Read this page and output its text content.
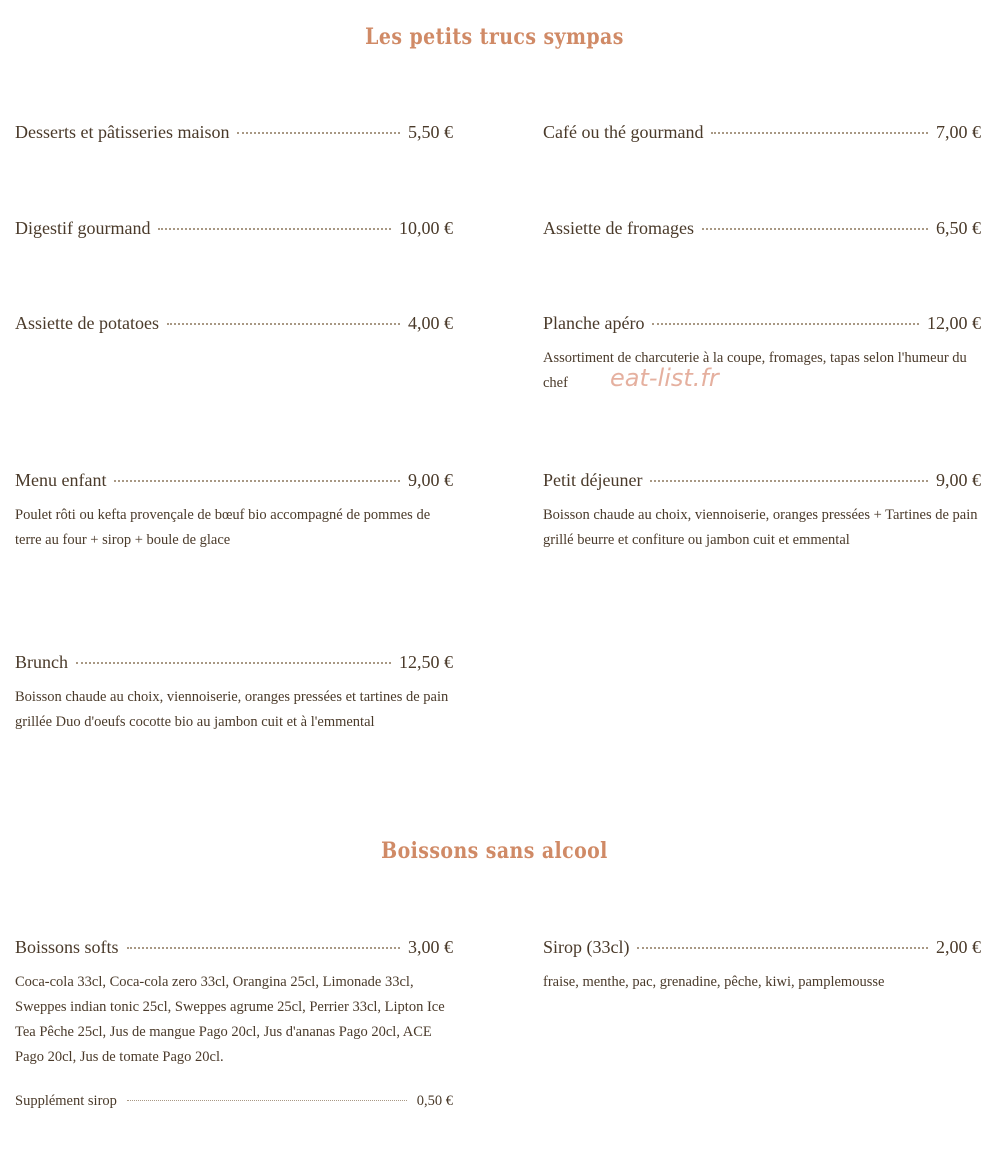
Les petits trucs sympas
Desserts et pâtisseries maison	5,50 €	Café ou thé gourmand	7,00 €
Digestif gourmand	10,00 €	Assiette de fromages	6,50 €
Assiette de potatoes	4,00 €	Planche apéro	12,00 €
Assortiment de charcuterie à la coupe, fromages, tapas selon l'humeur du chef	eat-list.fr
Menu enfant	9,00 €
Poulet rôti ou kefta provençale de bœuf bio accompagné de pommes de terre au four + sirop + boule de glace
Petit déjeuner	9,00 €
Boisson chaude au choix, viennoiserie, oranges pressées + Tartines de pain grillé beurre et confiture ou jambon cuit et emmental
Brunch	12,50 €
Boisson chaude au choix, viennoiserie, oranges pressées et tartines de pain grillée Duo d'oeufs cocotte bio au jambon cuit et à l'emmental
Boissons sans alcool
Boissons softs	3,00 €
Coca-cola 33cl, Coca-cola zero 33cl, Orangina 25cl, Limonade 33cl, Sweppes indian tonic 25cl, Sweppes agrume 25cl, Perrier 33cl, Lipton Ice Tea Pêche 25cl, Jus de mangue Pago 20cl, Jus d'ananas Pago 20cl, ACE Pago 20cl, Jus de tomate Pago 20cl.
Supplément sirop	0,50 €
Sirop (33cl)	2,00 €
fraise, menthe, pac, grenadine, pêche, kiwi, pamplemousse
